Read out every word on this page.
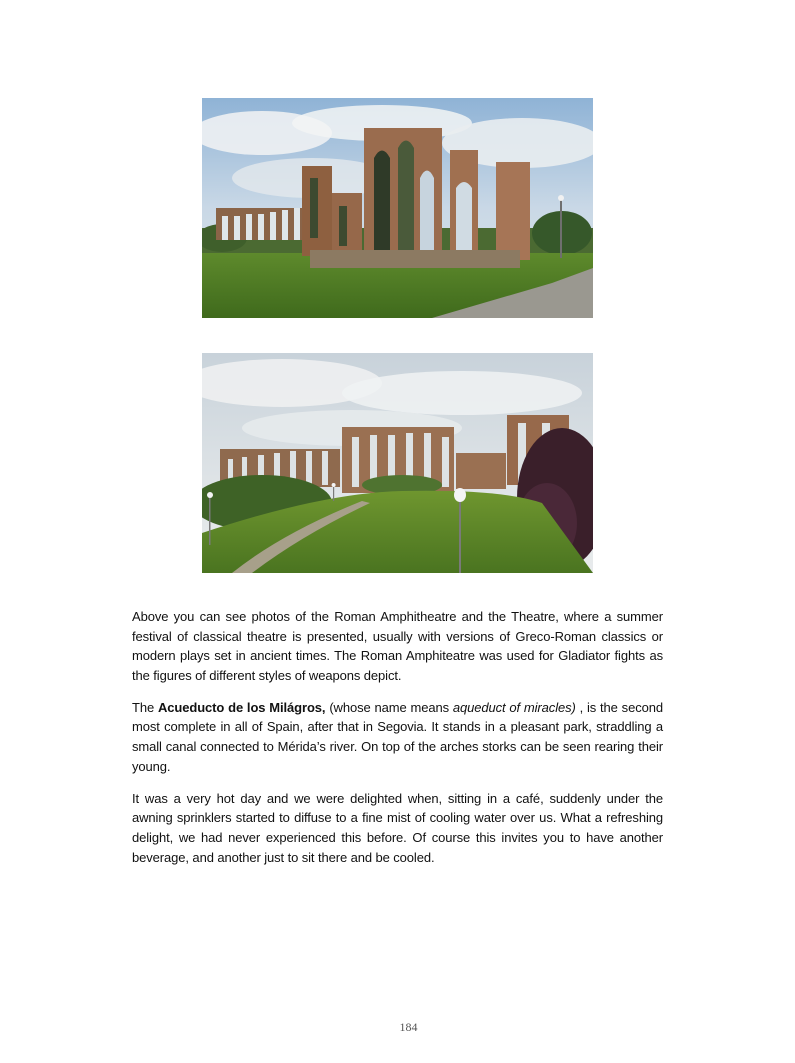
Above you can see photos of the Roman Amphitheatre and the Theatre, where a summer festival of classical theatre is presented, usually with versions of Greco-Roman classics or modern plays set in ancient times. The Roman Amphiteatre was used for Gladiator fights as the figures of different styles of weapons depict.

The Acueducto de los Milágros, (whose name means aqueduct of miracles) , is the second most complete in all of Spain, after that in Segovia. It stands in a pleasant park, straddling a small canal connected to Mérida’s river. On top of the arches storks can be seen rearing their young.

It was a very hot day and we were delighted when, sitting in a café, suddenly under the awning sprinklers started to diffuse to a fine mist of cooling water over us. What a refreshing delight, we had never experienced this before. Of course this invites you to have another beverage, and another just to sit there and be cooled.

184
